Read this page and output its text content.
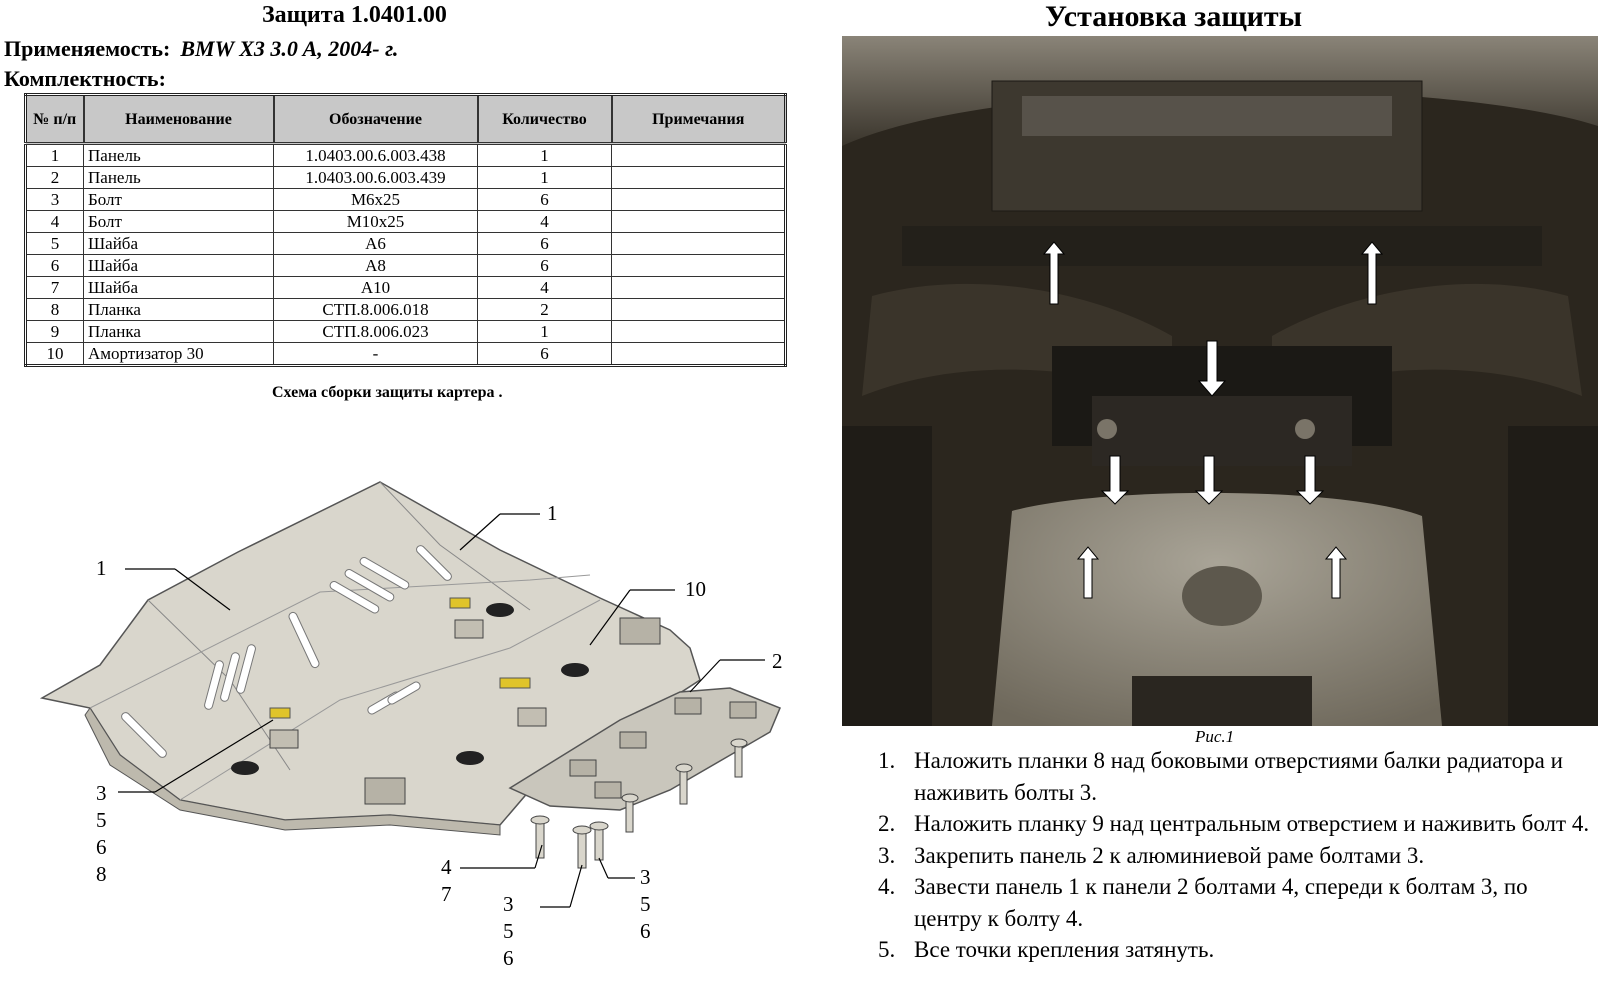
Защита 1.0401.00
Применяемость: BMW X3 3.0 A, 2004- г.
Комплектность:
№ п/п	Наименование	Обозначение	Количество	Примечания
1	Панель	1.0403.00.6.003.438	1	
2	Панель	1.0403.00.6.003.439	1	
3	Болт	М6х25	6	
4	Болт	М10х25	4	
5	Шайба	А6	6	
6	Шайба	А8	6	
7	Шайба	А10	4	
8	Планка	СТП.8.006.018	2	
9	Планка	СТП.8.006.023	1	
10	Амортизатор 30	-	6	
Схема сборки защиты картера .
1
1
10
2
3
5
6
8	4
7 3
5
6
3
5
6
Установка защиты
Рис.1
1. Наложить планки 8 над боковыми отверстиями балки радиатора и наживить болты 3.
2. Наложить планку 9 над центральным отверстием и наживить болт 4.
3. Закрепить панель 2 к алюминиевой раме болтами 3.
4. Завести панель 1 к панели 2 болтами 4, спереди к болтам 3, по центру к болту 4.
5. Все точки крепления затянуть.
